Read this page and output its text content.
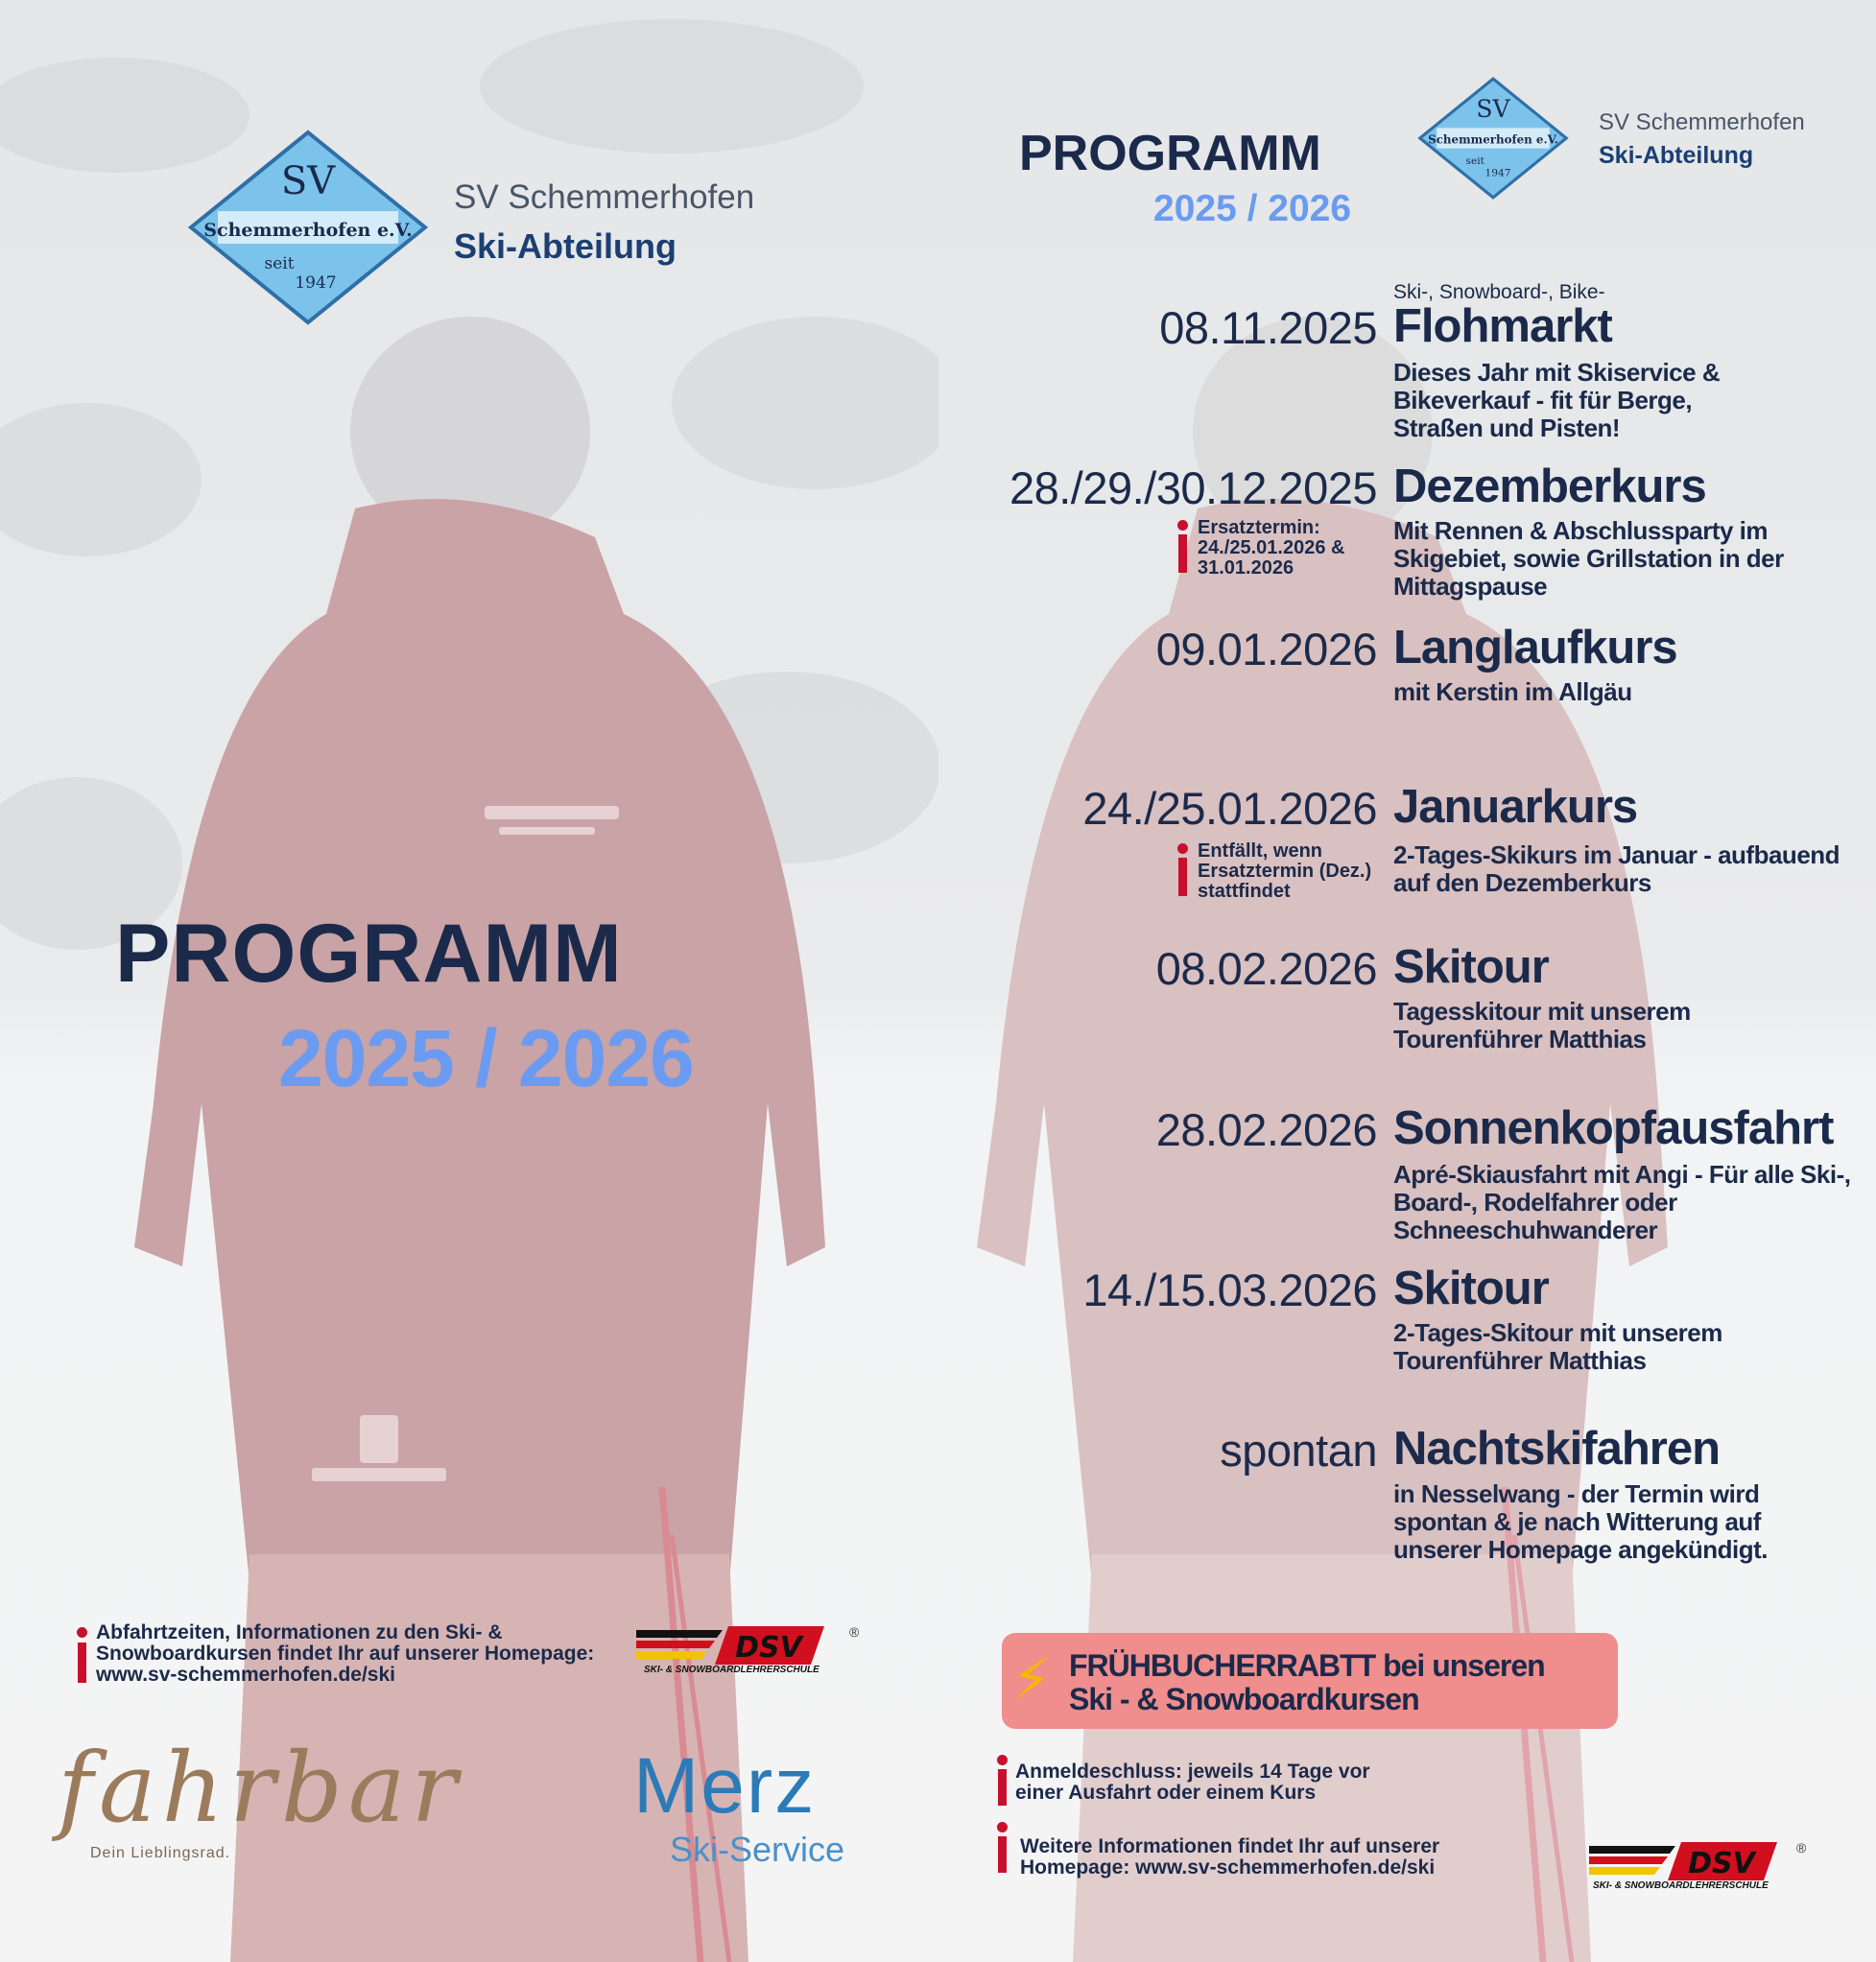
SV
Schemmerhofen e.V.
seit
1947
SV Schemmerhofen
Ski-Abteilung
PROGRAMM
2025 / 2026
Abfahrtzeiten, Informationen zu den Ski- & Snowboardkursen findet Ihr auf unserer Homepage: www.sv-schemmerhofen.de/ski
DSV	®
SKI- & SNOWBOARDLEHRERSCHULE
fahrbar
Dein Lieblingsrad.
Merz
Ski-Service
PROGRAMM
2025 / 2026
SV
Schemmerhofen e.V.
seit
1947
SV Schemmerhofen
Ski-Abteilung
Ski-, Snowboard-, Bike-
08.11.2025 Flohmarkt
Dieses Jahr mit Skiservice & Bikeverkauf - fit für Berge, Straßen und Pisten!
28./29./30.12.2025 Dezemberkurs
Mit Rennen & Abschlussparty im Skigebiet, sowie Grillstation in der Mittagspause
Ersatztermin: 24./25.01.2026 & 31.01.2026
09.01.2026 Langlaufkurs
mit Kerstin im Allgäu
24./25.01.2026 Januarkurs
2-Tages-Skikurs im Januar - aufbauend auf den Dezemberkurs
Entfällt, wenn Ersatztermin (Dez.) stattfindet
08.02.2026 Skitour
Tagesskitour mit unserem Tourenführer Matthias
28.02.2026 Sonnenkopfausfahrt
Apré-Skiausfahrt mit Angi - Für alle Ski-, Board-, Rodelfahrer oder Schneeschuhwanderer
14./15.03.2026 Skitour
2-Tages-Skitour mit unserem Tourenführer Matthias
spontan Nachtskifahren
in Nesselwang - der Termin wird spontan & je nach Witterung auf unserer Homepage angekündigt.
⚡ FRÜHBUCHERRABTT bei unseren
Ski - & Snowboardkursen
Anmeldeschluss: jeweils 14 Tage vor einer Ausfahrt oder einem Kurs
Weitere Informationen findet Ihr auf unserer Homepage: www.sv-schemmerhofen.de/ski	DSV	®
SKI- & SNOWBOARDLEHRERSCHULE
